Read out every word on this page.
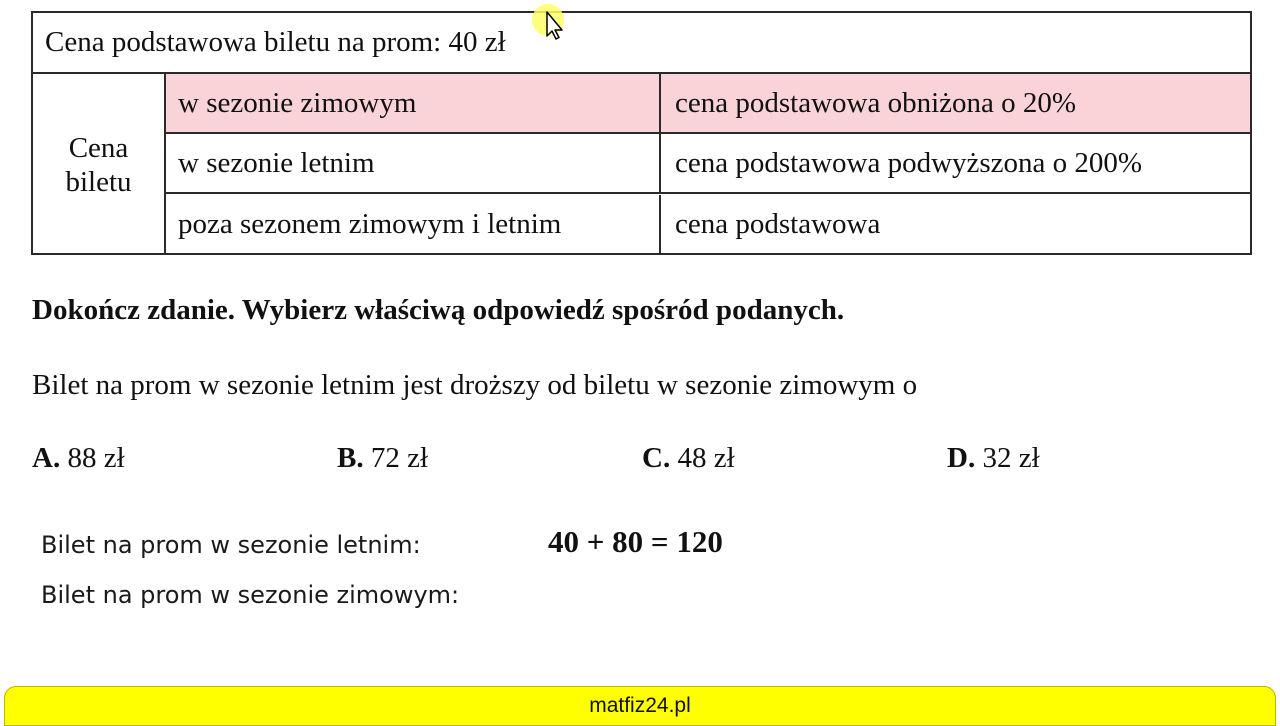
Cena podstawowa biletu na prom: 40 zł
Cena
biletu
w sezonie zimowym	cena podstawowa obniżona o 20%
w sezonie letnim	cena podstawowa podwyższona o 200%
poza sezonem zimowym i letnim	cena podstawowa
Dokończ zdanie. Wybierz właściwą odpowiedź spośród podanych.
Bilet na prom w sezonie letnim jest droższy od biletu w sezonie zimowym o
A. 88 zł	B. 72 zł	C. 48 zł	D. 32 zł
Bilet na prom w sezonie letnim:	40 + 80 = 120
Bilet na prom w sezonie zimowym:
matfiz24.pl
